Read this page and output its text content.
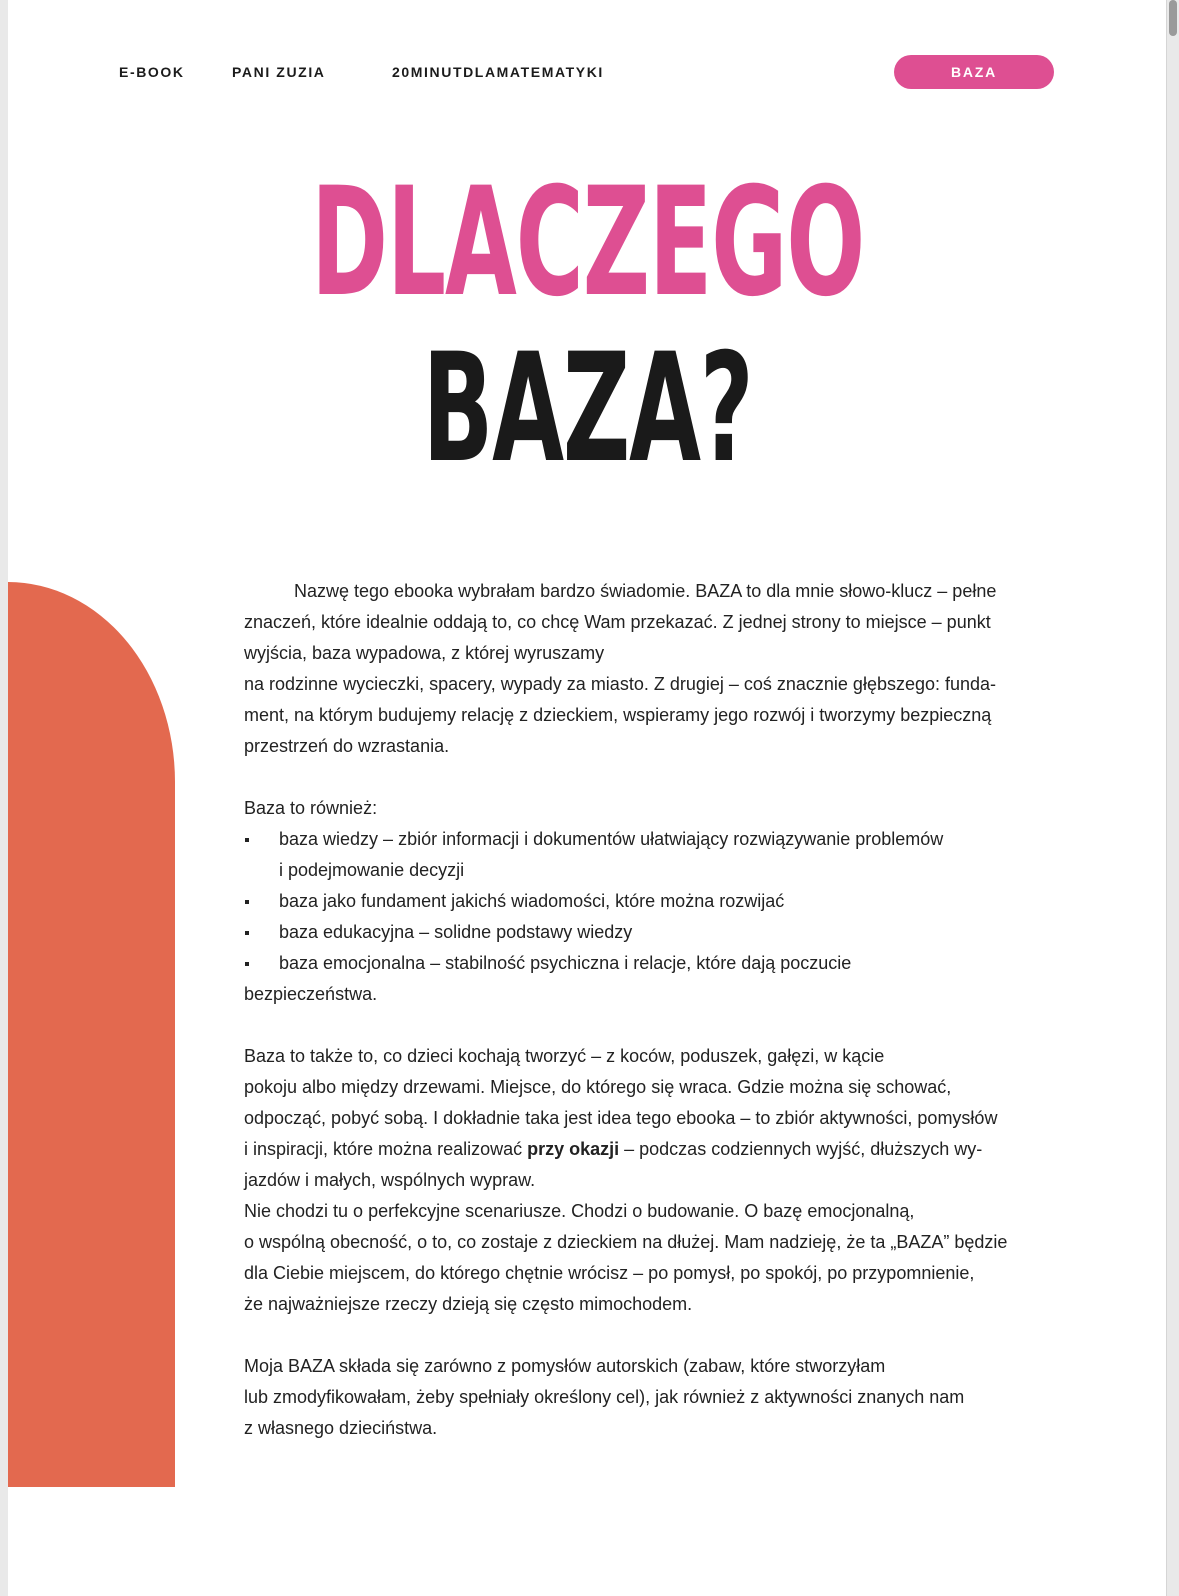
E-BOOK	PANI ZUZIA	20MINUTDLAMATEMATYKI	BAZA
DLACZEGO
BAZA?

Nazwę tego ebooka wybrałam bardzo świadomie. BAZA to dla mnie słowo-klucz – pełne

znaczeń, które idealnie oddają to, co chcę Wam przekazać. Z jednej strony to miejsce – punkt

wyjścia, baza wypadowa, z której wyruszamy

na rodzinne wycieczki, spacery, wypady za miasto. Z drugiej – coś znacznie głębszego: funda-

ment, na którym budujemy relację z dzieckiem, wspieramy jego rozwój i tworzymy bezpieczną

przestrzeń do wzrastania.

Baza to również:

baza wiedzy – zbiór informacji i dokumentów ułatwiający rozwiązywanie problemów
i podejmowanie decyzji
baza jako fundament jakichś wiadomości, które można rozwijać
baza edukacyjna – solidne podstawy wiedzy
baza emocjonalna – stabilność psychiczna i relacje, które dają poczucie

bezpieczeństwa.

Baza to także to, co dzieci kochają tworzyć – z koców, poduszek, gałęzi, w kącie

pokoju albo między drzewami. Miejsce, do którego się wraca. Gdzie można się schować,

odpocząć, pobyć sobą. I dokładnie taka jest idea tego ebooka – to zbiór aktywności, pomysłów

i inspiracji, które można realizować przy okazji – podczas codziennych wyjść, dłuższych wy-

jazdów i małych, wspólnych wypraw.

Nie chodzi tu o perfekcyjne scenariusze. Chodzi o budowanie. O bazę emocjonalną,

o wspólną obecność, o to, co zostaje z dzieckiem na dłużej. Mam nadzieję, że ta „BAZA” będzie

dla Ciebie miejscem, do którego chętnie wrócisz – po pomysł, po spokój, po przypomnienie,

że najważniejsze rzeczy dzieją się często mimochodem.

Moja BAZA składa się zarówno z pomysłów autorskich (zabaw, które stworzyłam

lub zmodyfikowałam, żeby spełniały określony cel), jak również z aktywności znanych nam

z własnego dzieciństwa.
